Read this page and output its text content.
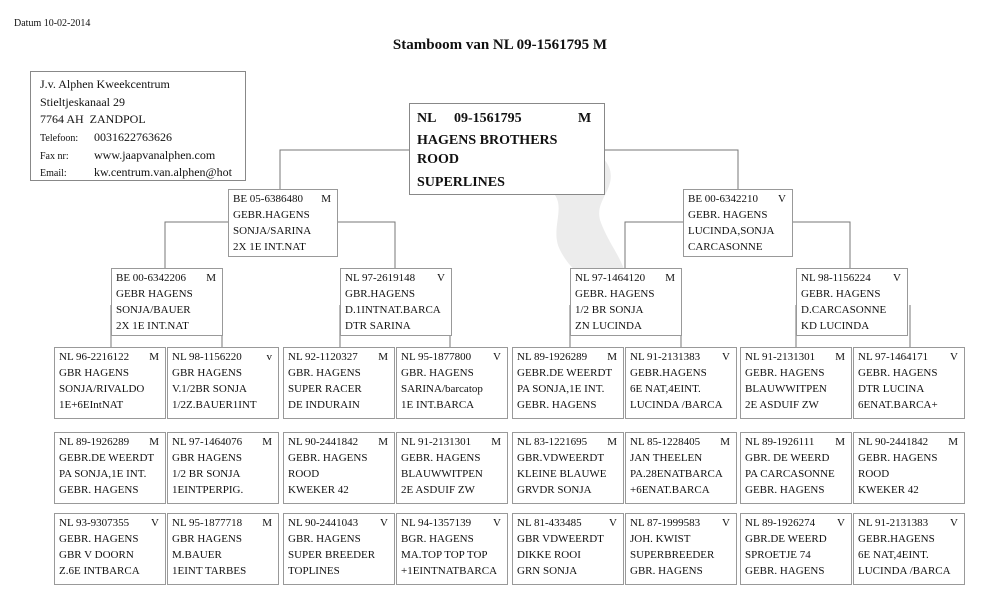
Datum 10-02-2014
Stamboom van NL 09-1561795 M
J.v. Alphen Kweekcentrum
Stieltjeskanaal 29
7764 AH ZANDPOL
Telefoon: 0031622763626
Fax nr: www.jaapvanalphen.com
Email: kw.centrum.van.alphen@hot
NL 09-1561795	M
HAGENS BROTHERS
ROOD
SUPERLINES
BE 05-6386480	M
GEBR.HAGENS
SONJA/SARINA
2X 1E INT.NAT
BE 00-6342210	V
GEBR. HAGENS
LUCINDA,SONJA
CARCASONNE
BE 00-6342206	M
GEBR HAGENS
SONJA/BAUER
2X 1E INT.NAT
NL 97-2619148	V
GBR.HAGENS
D.1INTNAT.BARCA
DTR SARINA
NL 97-1464120	M
GEBR. HAGENS
1/2 BR SONJA
ZN LUCINDA
NL 98-1156224	V
GEBR. HAGENS
D.CARCASONNE
KD LUCINDA
NL 96-2216122	M
GBR HAGENS
SONJA/RIVALDO
1E+6EIntNAT
NL 98-1156220	v
GBR HAGENS
V.1/2BR SONJA
1/2Z.BAUER1INT
NL 92-1120327	M
GBR. HAGENS
SUPER RACER
DE INDURAIN
NL 95-1877800	V
GBR. HAGENS
SARINA/barcatop
1E INT.BARCA
NL 89-1926289	M
GEBR.DE WEERDT
PA SONJA,1E INT.
GEBR. HAGENS
NL 91-2131383	V
GEBR.HAGENS
6E NAT,4EINT.
LUCINDA /BARCA
NL 91-2131301	M
GEBR. HAGENS
BLAUWWITPEN
2E ASDUIF ZW
NL 97-1464171	V
GEBR. HAGENS
DTR LUCINA
6ENAT.BARCA+
NL 89-1926289	M
GEBR.DE WEERDT
PA SONJA,1E INT.
GEBR. HAGENS
NL 97-1464076	M
GBR HAGENS
1/2 BR SONJA
1EINTPERPIG.
NL 90-2441842	M
GEBR. HAGENS
ROOD
KWEKER 42
NL 91-2131301	M
GEBR. HAGENS
BLAUWWITPEN
2E ASDUIF ZW
NL 83-1221695	M
GBR.VDWEERDT
KLEINE BLAUWE
GRVDR SONJA
NL 85-1228405	M
JAN THEELEN
PA.28ENATBARCA
+6ENAT.BARCA
NL 89-1926111	M
GBR. DE WEERD
PA CARCASONNE
GEBR. HAGENS
NL 90-2441842	M
GEBR. HAGENS
ROOD
KWEKER 42
NL 93-9307355	V
GEBR. HAGENS
GBR V DOORN
Z.6E INTBARCA
NL 95-1877718	M
GBR HAGENS
M.BAUER
1EINT TARBES
NL 90-2441043	V
GBR. HAGENS
SUPER BREEDER
TOPLINES
NL 94-1357139	V
BGR. HAGENS
MA.TOP TOP TOP
+1EINTNATBARCA
NL 81-433485	V
GBR VDWEERDT
DIKKE ROOI
GRN SONJA
NL 87-1999583	V
JOH. KWIST
SUPERBREEDER
GBR. HAGENS
NL 89-1926274	V
GBR.DE WEERD
SPROETJE 74
GEBR. HAGENS
NL 91-2131383	V
GEBR.HAGENS
6E NAT,4EINT.
LUCINDA /BARCA
